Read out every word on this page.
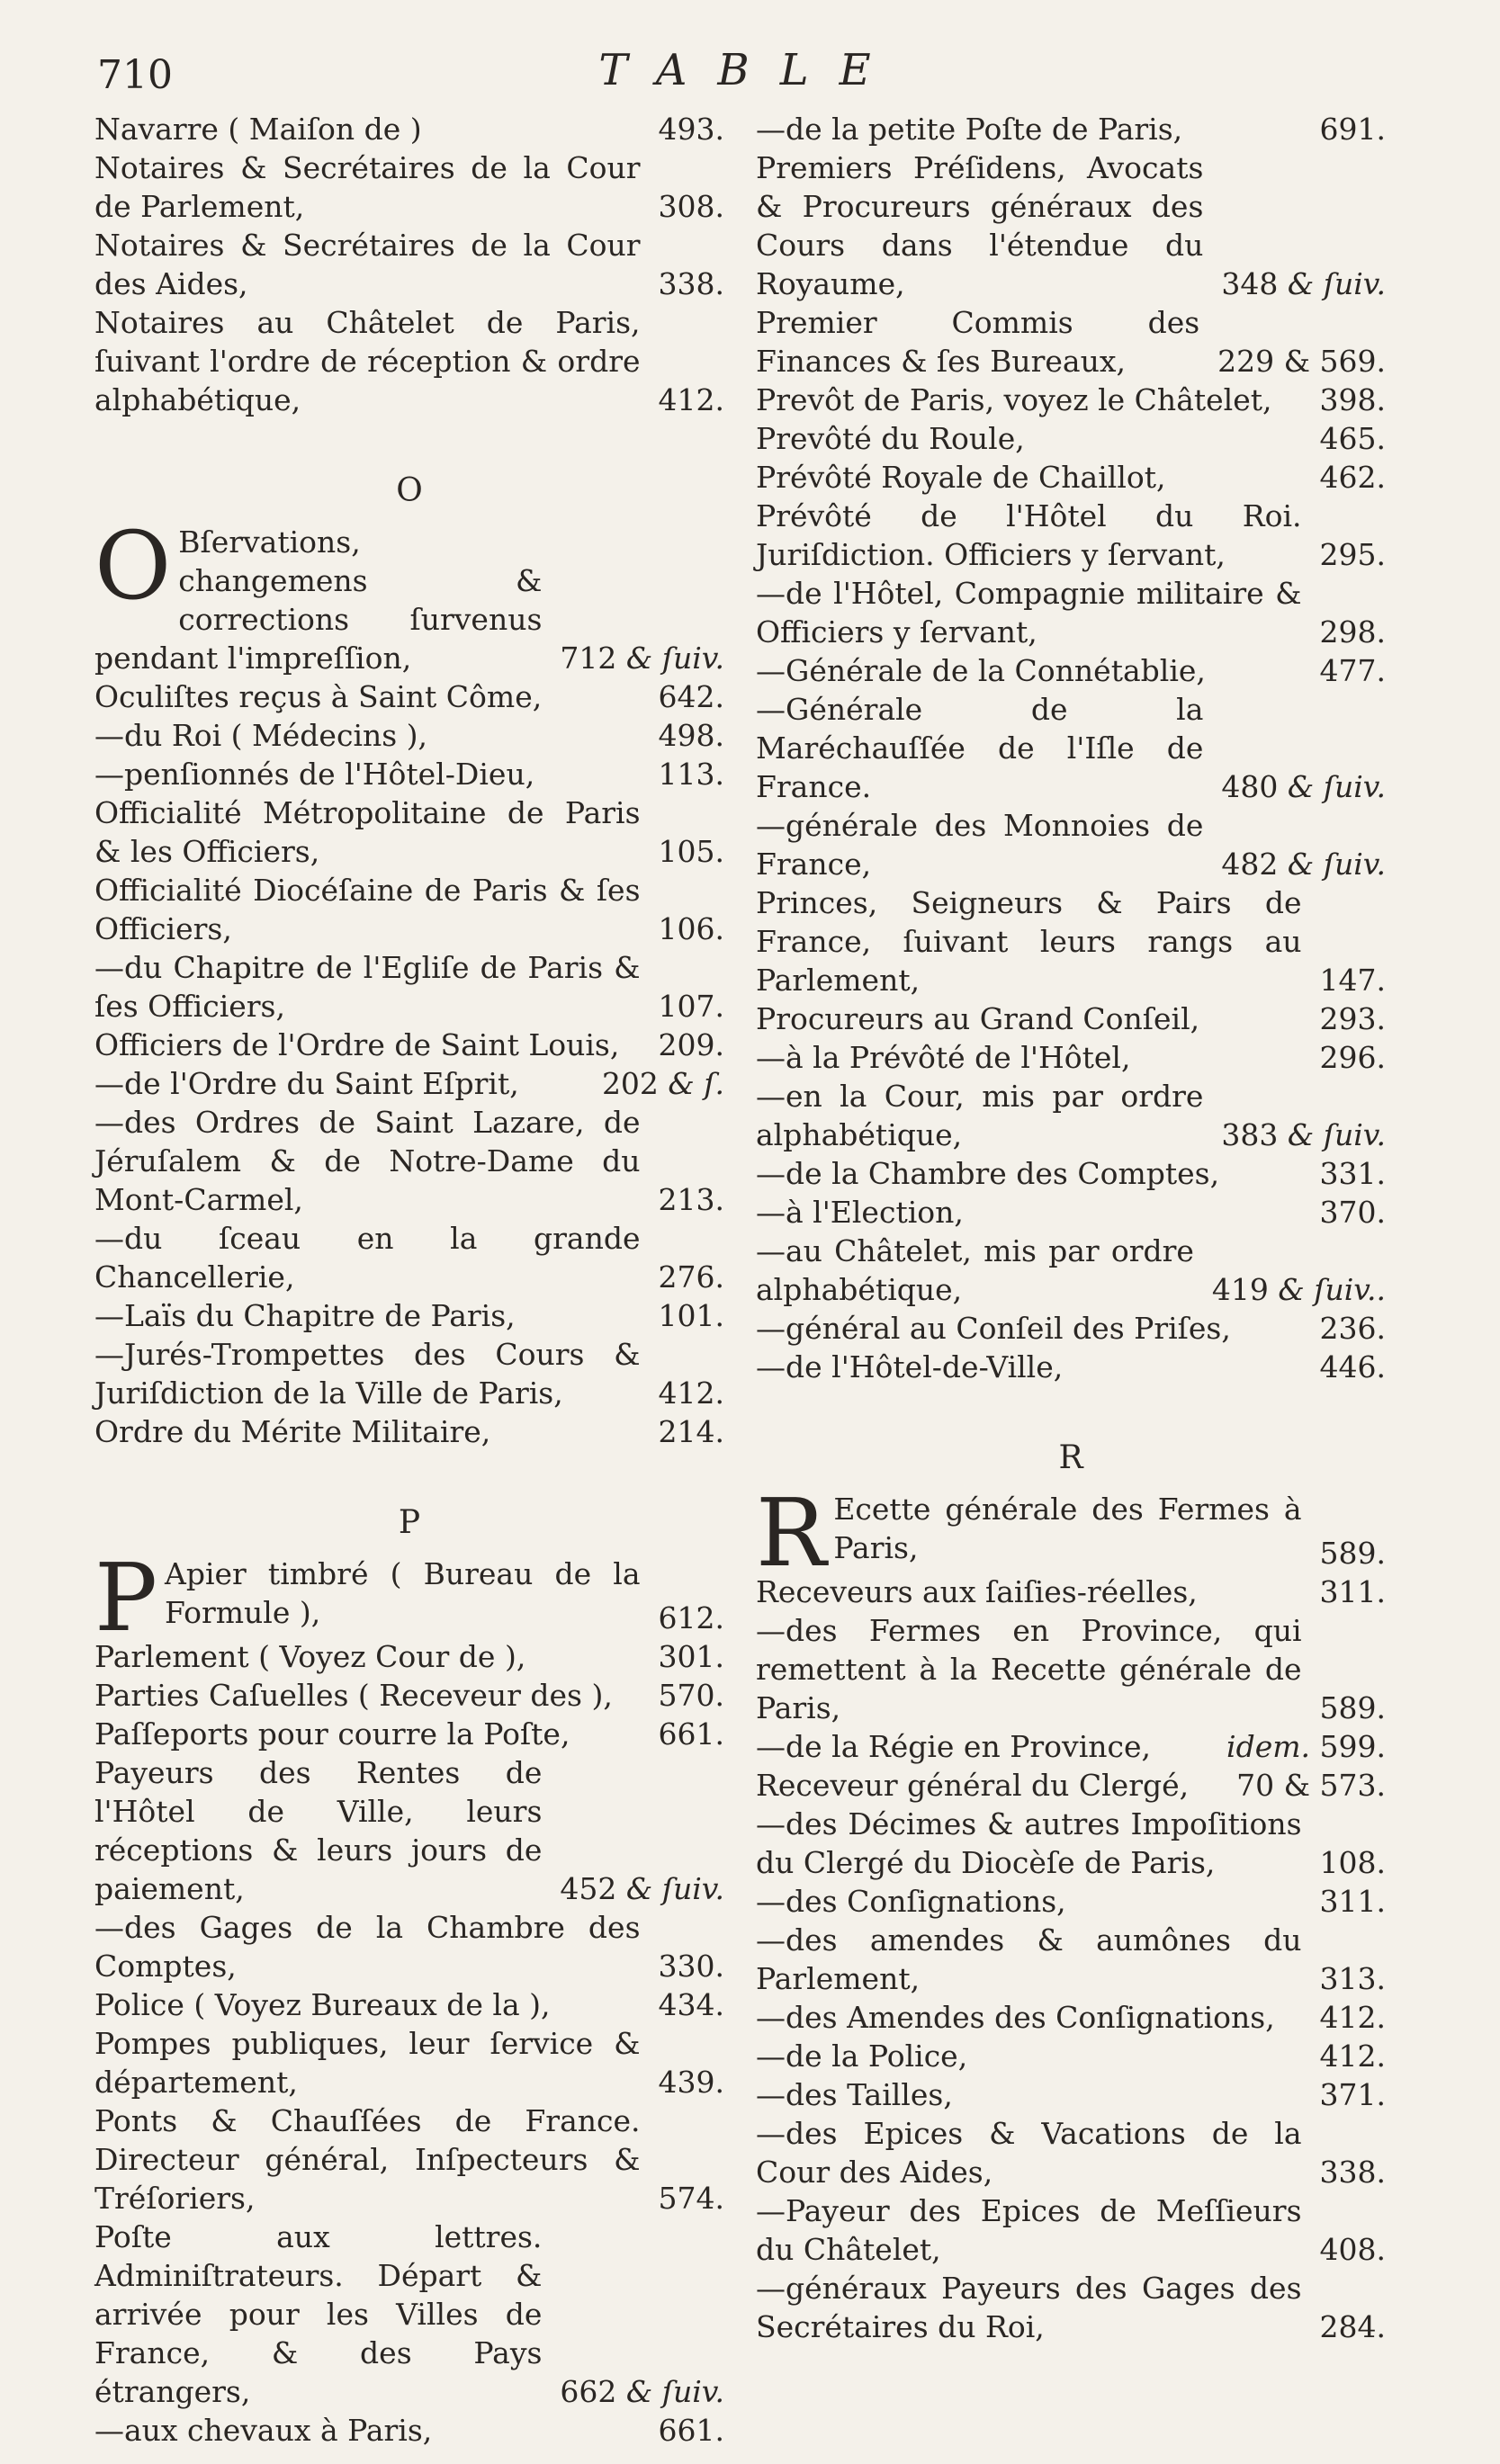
710	TABLE
Navarre ( Maiſon de )	493.
Notaires & Secrétaires de la Cour de Parlement,	308.
Notaires & Secrétaires de la Cour des Aides,	338.
Notaires au Châtelet de Paris, ſuivant l'ordre de réception & ordre alphabétique,	412.
O
O Bſervations, changemens & corrections ſurvenus pendant l'impreſſion,	712 & ſuiv.
Oculiſtes reçus à Saint Côme,	642.
—du Roi ( Médecins ),	498.
—penſionnés de l'Hôtel-Dieu,	113.
Officialité Métropolitaine de Paris & les Officiers,	105.
Officialité Diocéſaine de Paris & ſes Officiers,	106.
—du Chapitre de l'Egliſe de Paris & ſes Officiers,	107.
Officiers de l'Ordre de Saint Louis,	209.
—de l'Ordre du Saint Eſprit,	202 & ſ.
—des Ordres de Saint Lazare, de Jéruſalem & de Notre-Dame du Mont-Carmel,	213.
—du ſceau en la grande Chancellerie,	276.
—Laïs du Chapitre de Paris,	101.
—Jurés-Trompettes des Cours & Juriſdiction de la Ville de Paris,	412.
Ordre du Mérite Militaire,	214.
P
P Apier timbré ( Bureau de la Formule ),	612.
Parlement ( Voyez Cour de ),	301.
Parties Caſuelles ( Receveur des ),	570.
Paſſeports pour courre la Poſte,	661.
Payeurs des Rentes de l'Hôtel de Ville, leurs réceptions & leurs jours de paiement,	452 & ſuiv.
—des Gages de la Chambre des Comptes,	330.
Police ( Voyez Bureaux de la ),	434.
Pompes publiques, leur ſervice & département,	439.
Ponts & Chauſſées de France. Directeur général, Inſpecteurs & Tréſoriers,	574.
Poſte aux lettres. Adminiſtrateurs. Départ & arrivée pour les Villes de France, & des Pays étrangers,	662 & ſuiv.
—aux chevaux à Paris,	661.
—de la petite Poſte de Paris,	691.
Premiers Préſidens, Avocats & Procureurs généraux des Cours dans l'étendue du Royaume,	348 & ſuiv.
Premier Commis des Finances & ſes Bureaux,	229 & 569.
Prevôt de Paris, voyez le Châtelet,	398.
Prevôté du Roule,	465.
Prévôté Royale de Chaillot,	462.
Prévôté de l'Hôtel du Roi. Juriſdiction. Officiers y ſervant,	295.
—de l'Hôtel, Compagnie militaire & Officiers y ſervant,	298.
—Générale de la Connétablie,	477.
—Générale de la Maréchauſſée de l'Iſle de France.	480 & ſuiv.
—générale des Monnoies de France,	482 & ſuiv.
Princes, Seigneurs & Pairs de France, ſuivant leurs rangs au Parlement,	147.
Procureurs au Grand Conſeil,	293.
—à la Prévôté de l'Hôtel,	296.
—en la Cour, mis par ordre alphabétique,	383 & ſuiv.
—de la Chambre des Comptes,	331.
—à l'Election,	370.
—au Châtelet, mis par ordre alphabétique,	419 & ſuiv..
—général au Conſeil des Priſes,	236.
—de l'Hôtel-de-Ville,	446.
R
R Ecette générale des Fermes à Paris,	589.
Receveurs aux ſaiſies-réelles,	311.
—des Fermes en Province, qui remettent à la Recette générale de Paris,	589.
—de la Régie en Province,	idem. 599.
Receveur général du Clergé,	70 & 573.
—des Décimes & autres Impoſitions du Clergé du Diocèſe de Paris,	108.
—des Conſignations,	311.
—des amendes & aumônes du Parlement,	313.
—des Amendes des Conſignations,	412.
—de la Police,	412.
—des Tailles,	371.
—des Epices & Vacations de la Cour des Aides,	338.
—Payeur des Epices de Meſſieurs du Châtelet,	408.
—généraux Payeurs des Gages des Secrétaires du Roi,	284.
